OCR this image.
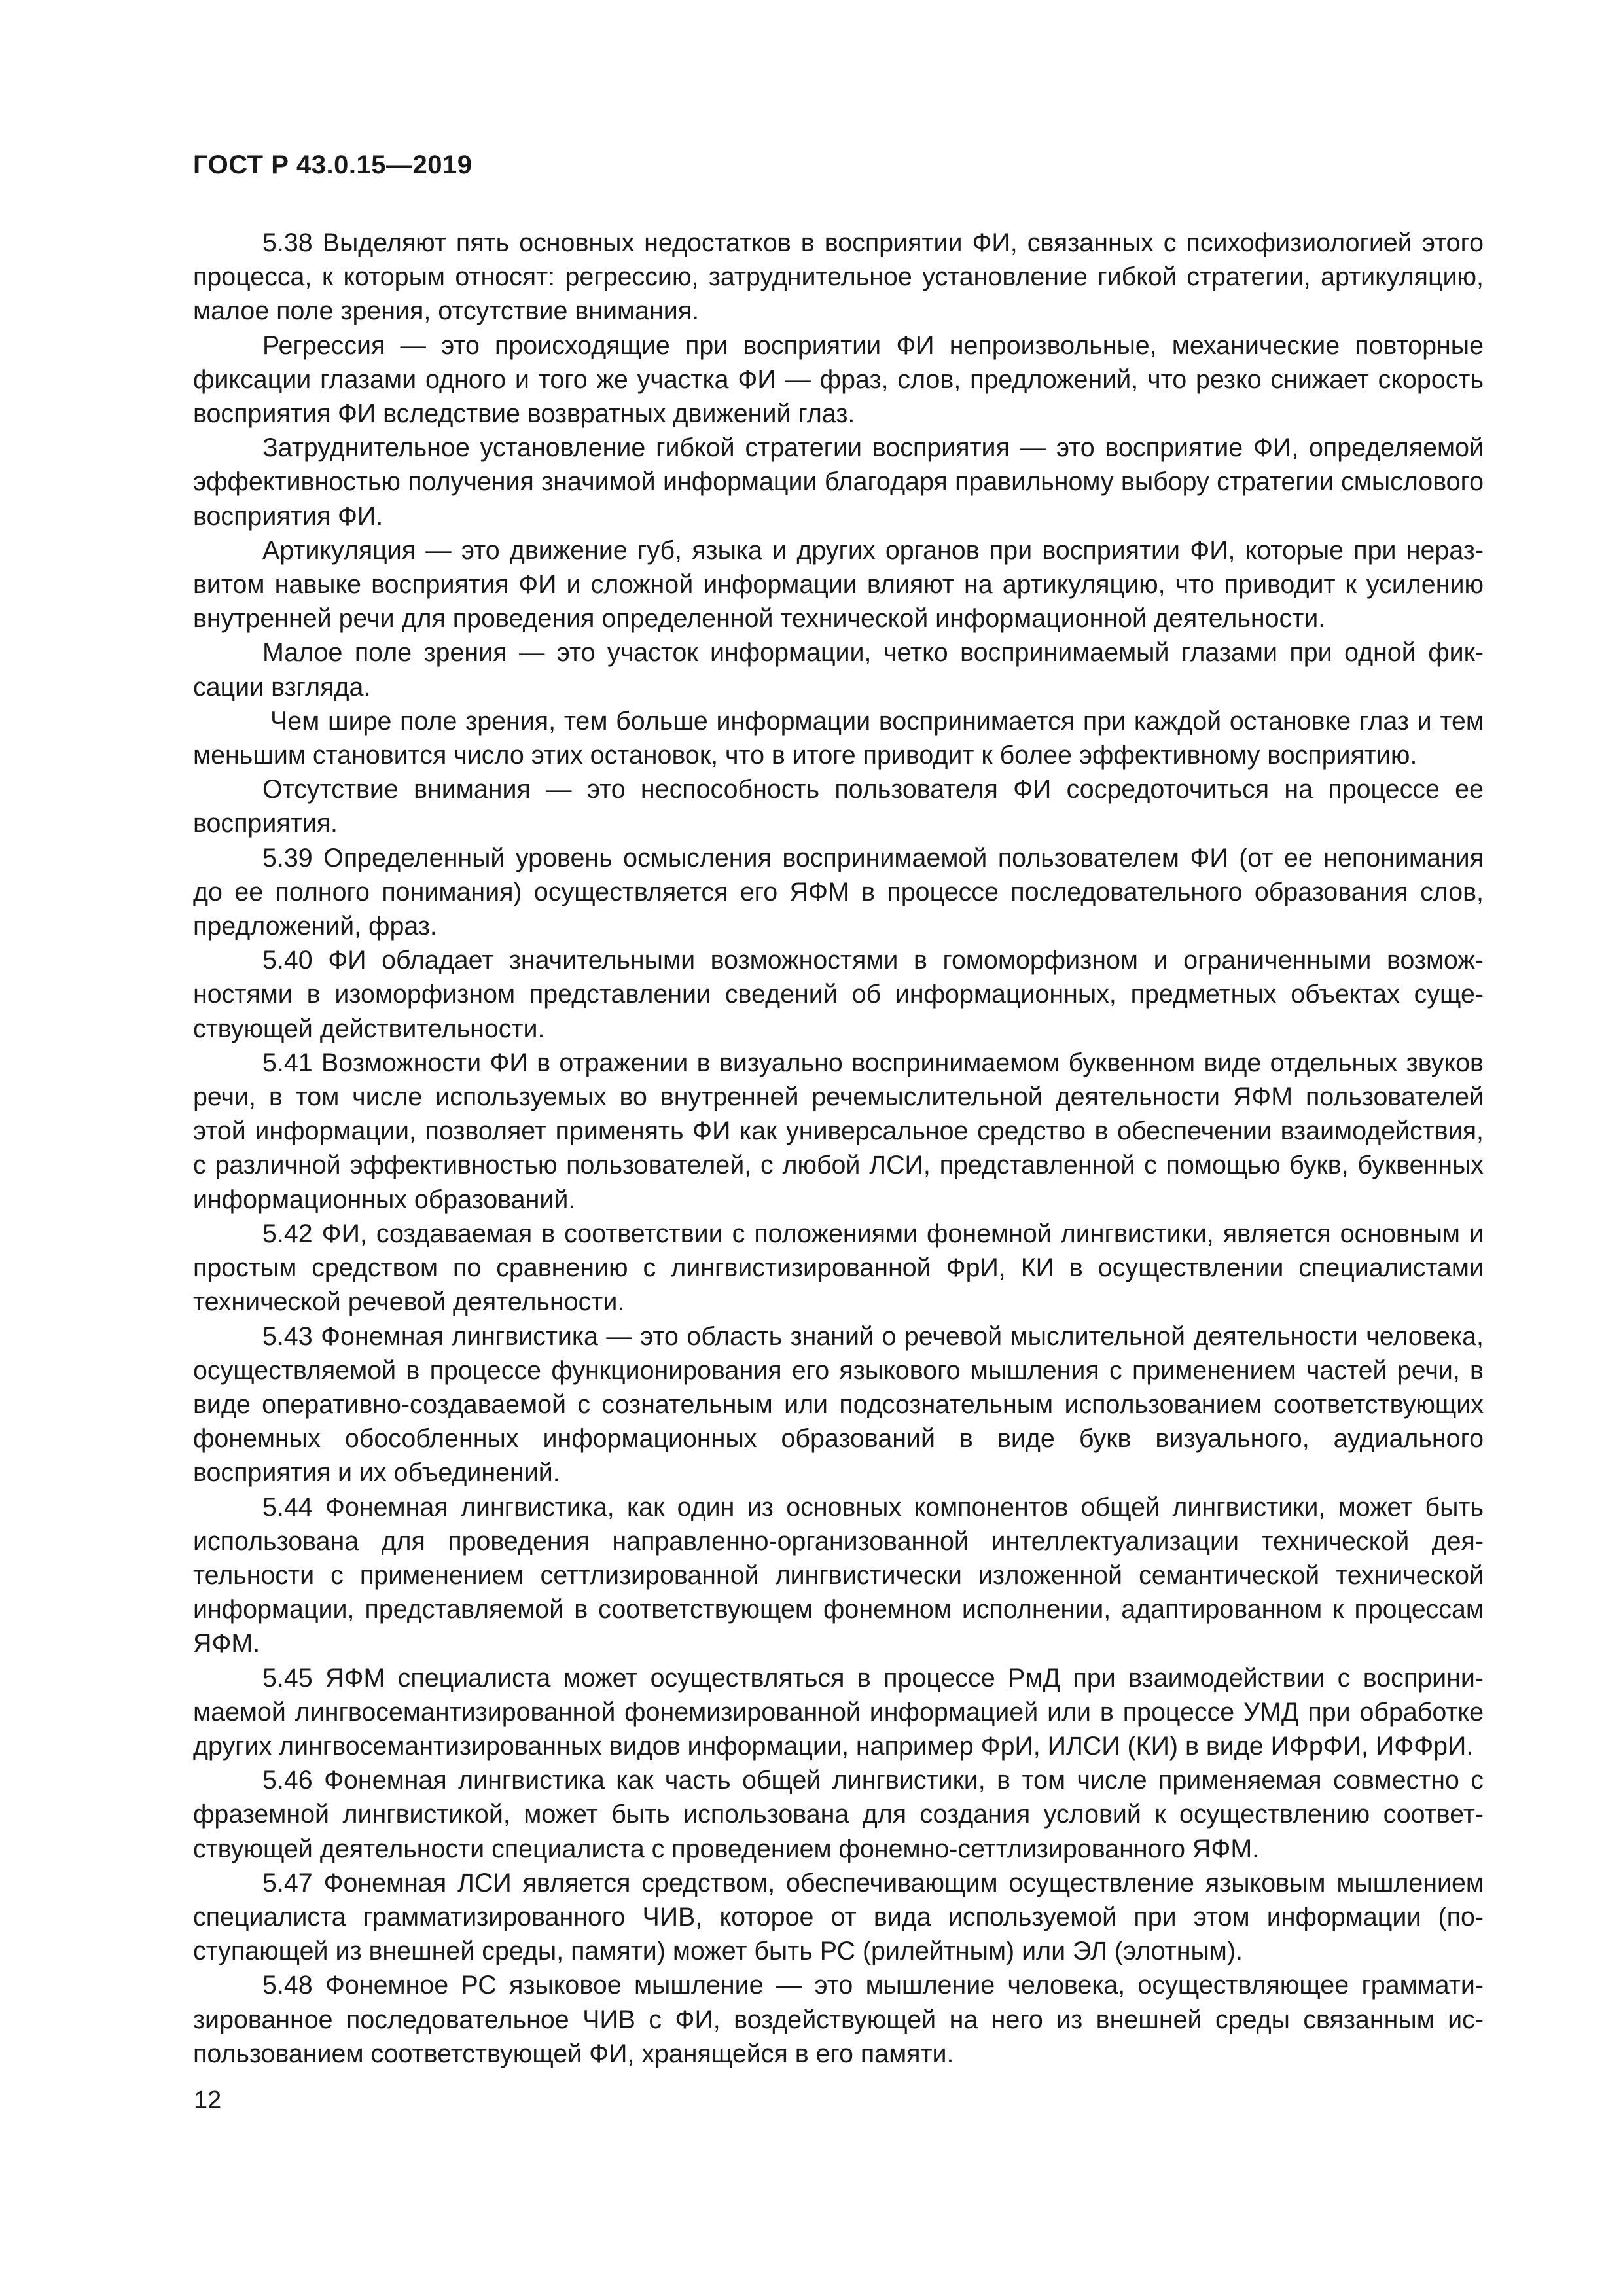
ГОСТ Р 43.0.15—2019

5.38 Выделяют пять основных недостатков в восприятии ФИ, связанных с психофизиологией этого процесса, к которым относят: регрессию, затруднительное установление гибкой стратегии, артикуляцию, малое поле зрения, отсутствие внимания.

Регрессия — это происходящие при восприятии ФИ непроизвольные, механические повторные фиксации глазами одного и того же участка ФИ — фраз, слов, предложений, что резко снижает скорость восприятия ФИ вследствие возвратных движений глаз.

Затруднительное установление гибкой стратегии восприятия — это восприятие ФИ, определяемой эффективностью получения значимой информации благодаря правильному выбору стратегии смыслового восприятия ФИ.

Артикуляция — это движение губ, языка и других органов при восприятии ФИ, которые при неразвитом навыке восприятия ФИ и сложной информации влияют на артикуляцию, что приводит к усилению внутренней речи для проведения определенной технической информационной деятельности.

Малое поле зрения — это участок информации, четко воспринимаемый глазами при одной фиксации взгляда.

Чем шире поле зрения, тем больше информации воспринимается при каждой остановке глаз и тем меньшим становится число этих остановок, что в итоге приводит к более эффективному восприятию.

Отсутствие внимания — это неспособность пользователя ФИ сосредоточиться на процессе ее восприятия.

5.39 Определенный уровень осмысления воспринимаемой пользователем ФИ (от ее непонимания до ее полного понимания) осуществляется его ЯФМ в процессе последовательного образования слов, предложений, фраз.

5.40 ФИ обладает значительными возможностями в гомоморфизном и ограниченными возможностями в изоморфизном представлении сведений об информационных, предметных объектах существующей действительности.

5.41 Возможности ФИ в отражении в визуально воспринимаемом буквенном виде отдельных звуков речи, в том числе используемых во внутренней речемыслительной деятельности ЯФМ пользователей этой информации, позволяет применять ФИ как универсальное средство в обеспечении взаимодействия, с различной эффективностью пользователей, с любой ЛСИ, представленной с помощью букв, буквенных информационных образований.

5.42 ФИ, создаваемая в соответствии с положениями фонемной лингвистики, является основным и простым средством по сравнению с лингвистизированной ФрИ, КИ в осуществлении специалистами технической речевой деятельности.

5.43 Фонемная лингвистика — это область знаний о речевой мыслительной деятельности человека, осуществляемой в процессе функционирования его языкового мышления с применением частей речи, в виде оперативно-создаваемой с сознательным или подсознательным использованием соответствующих фонемных обособленных информационных образований в виде букв визуального, аудиального восприятия и их объединений.

5.44 Фонемная лингвистика, как один из основных компонентов общей лингвистики, может быть использована для проведения направленно-организованной интеллектуализации технической деятельности с применением сеттлизированной лингвистически изложенной семантической технической информации, представляемой в соответствующем фонемном исполнении, адаптированном к процессам ЯФМ.

5.45 ЯФМ специалиста может осуществляться в процессе РмД при взаимодействии с воспринимаемой лингвосемантизированной фонемизированной информацией или в процессе УМД при обработке других лингвосемантизированных видов информации, например ФрИ, ИЛСИ (КИ) в виде ИФрФИ, ИФФрИ.

5.46 Фонемная лингвистика как часть общей лингвистики, в том числе применяемая совместно с фраземной лингвистикой, может быть использована для создания условий к осуществлению соответствующей деятельности специалиста с проведением фонемно-сеттлизированного ЯФМ.

5.47 Фонемная ЛСИ является средством, обеспечивающим осуществление языковым мышлением специалиста грамматизированного ЧИВ, которое от вида используемой при этом информации (поступающей из внешней среды, памяти) может быть РС (рилейтным) или ЭЛ (элотным).

5.48 Фонемное РС языковое мышление — это мышление человека, осуществляющее грамматизированное последовательное ЧИВ с ФИ, воздействующей на него из внешней среды связанным использованием соответствующей ФИ, хранящейся в его памяти.

12
